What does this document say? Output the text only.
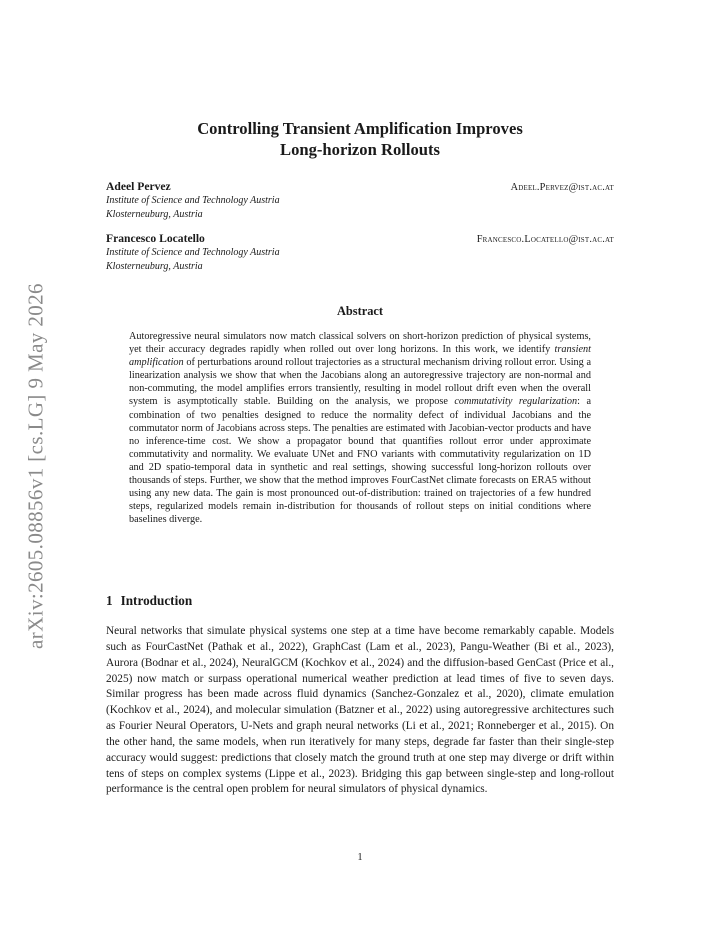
arXiv:2605.08856v1 [cs.LG] 9 May 2026
Controlling Transient Amplification Improves
Long-horizon Rollouts
Adeel Pervez	Adeel.Pervez@ist.ac.at
Institute of Science and Technology Austria
Klosterneuburg, Austria
Francesco Locatello	Francesco.Locatello@ist.ac.at
Institute of Science and Technology Austria
Klosterneuburg, Austria
Abstract

Autoregressive neural simulators now match classical solvers on short-horizon prediction of physical systems, yet their accuracy degrades rapidly when rolled out over long horizons. In this work, we identify transient amplification of perturbations around rollout trajectories as a structural mechanism driving rollout error. Using a linearization analysis we show that when the Jacobians along an autoregressive trajectory are non-normal and non-commuting, the model amplifies errors transiently, resulting in model rollout drift even when the overall system is asymptotically stable. Building on the analysis, we propose commutativity regularization: a combination of two penalties designed to reduce the normality defect of individual Jacobians and the commutator norm of Jacobians across steps. The penalties are estimated with Jacobian-vector products and have no inference-time cost. We show a propagator bound that quantifies rollout error under approximate commutativity and normality. We evaluate UNet and FNO variants with commutativity regularization on 1D and 2D spatio-temporal data in synthetic and real settings, showing successful long-horizon rollouts over thousands of steps. Further, we show that the method improves FourCastNet climate forecasts on ERA5 without using any new data. The gain is most pronounced out-of-distribution: trained on trajectories of a few hundred steps, regularized models remain in-distribution for thousands of rollout steps on initial conditions where baselines diverge.

1 Introduction

Neural networks that simulate physical systems one step at a time have become remarkably capable. Models such as FourCastNet (Pathak et al., 2022), GraphCast (Lam et al., 2023), Pangu-Weather (Bi et al., 2023), Aurora (Bodnar et al., 2024), NeuralGCM (Kochkov et al., 2024) and the diffusion-based GenCast (Price et al., 2025) now match or surpass operational numerical weather prediction at lead times of five to seven days. Similar progress has been made across fluid dynamics (Sanchez-Gonzalez et al., 2020), climate emulation (Kochkov et al., 2024), and molecular simulation (Batzner et al., 2022) using autoregressive architectures such as Fourier Neural Operators, U-Nets and graph neural networks (Li et al., 2021; Ronneberger et al., 2015). On the other hand, the same models, when run iteratively for many steps, degrade far faster than their single-step accuracy would suggest: predictions that closely match the ground truth at one step may diverge or drift within tens of steps on complex systems (Lippe et al., 2023). Bridging this gap between single-step and long-rollout performance is the central open problem for neural simulators of physical dynamics.

1
